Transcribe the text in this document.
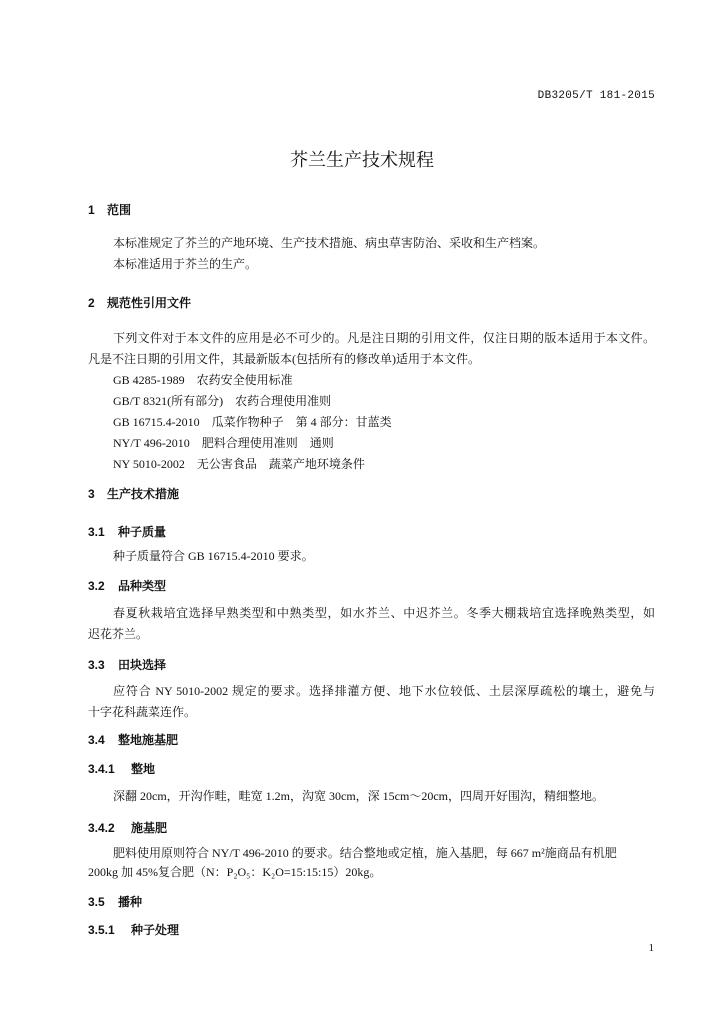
DB3205/T 181-2015
芥兰生产技术规程
1 范围
本标准规定了芥兰的产地环境、生产技术措施、病虫草害防治、采收和生产档案。
本标准适用于芥兰的生产。
2 规范性引用文件
下列文件对于本文件的应用是必不可少的。凡是注日期的引用文件，仅注日期的版本适用于本文件。
凡是不注日期的引用文件，其最新版本(包括所有的修改单)适用于本文件。
GB 4285-1989　农药安全使用标准
GB/T 8321(所有部分)　农药合理使用准则
GB 16715.4-2010　瓜菜作物种子　第 4 部分：甘蓝类
NY/T 496-2010　肥料合理使用准则　通则
NY 5010-2002　无公害食品　蔬菜产地环境条件
3 生产技术措施
3.1 种子质量
种子质量符合 GB 16715.4-2010 要求。
3.2 品种类型
春夏秋栽培宜选择早熟类型和中熟类型，如水芥兰、中迟芥兰。冬季大棚栽培宜选择晚熟类型，如
迟花芥兰。
3.3 田块选择
应符合 NY 5010-2002 规定的要求。选择排灌方便、地下水位较低、土层深厚疏松的壤土，避免与
十字花科蔬菜连作。
3.4 整地施基肥
3.4.1 整地
深翻 20cm，开沟作畦，畦宽 1.2m，沟宽 30cm，深 15cm～20cm，四周开好围沟，精细整地。
3.4.2 施基肥
肥料使用原则符合 NY/T 496-2010 的要求。结合整地或定植，施入基肥，每 667 m²施商品有机肥
200kg 加 45%复合肥（N：P₂O₅：K₂O=15:15:15）20kg。
3.5 播种
3.5.1 种子处理
1
